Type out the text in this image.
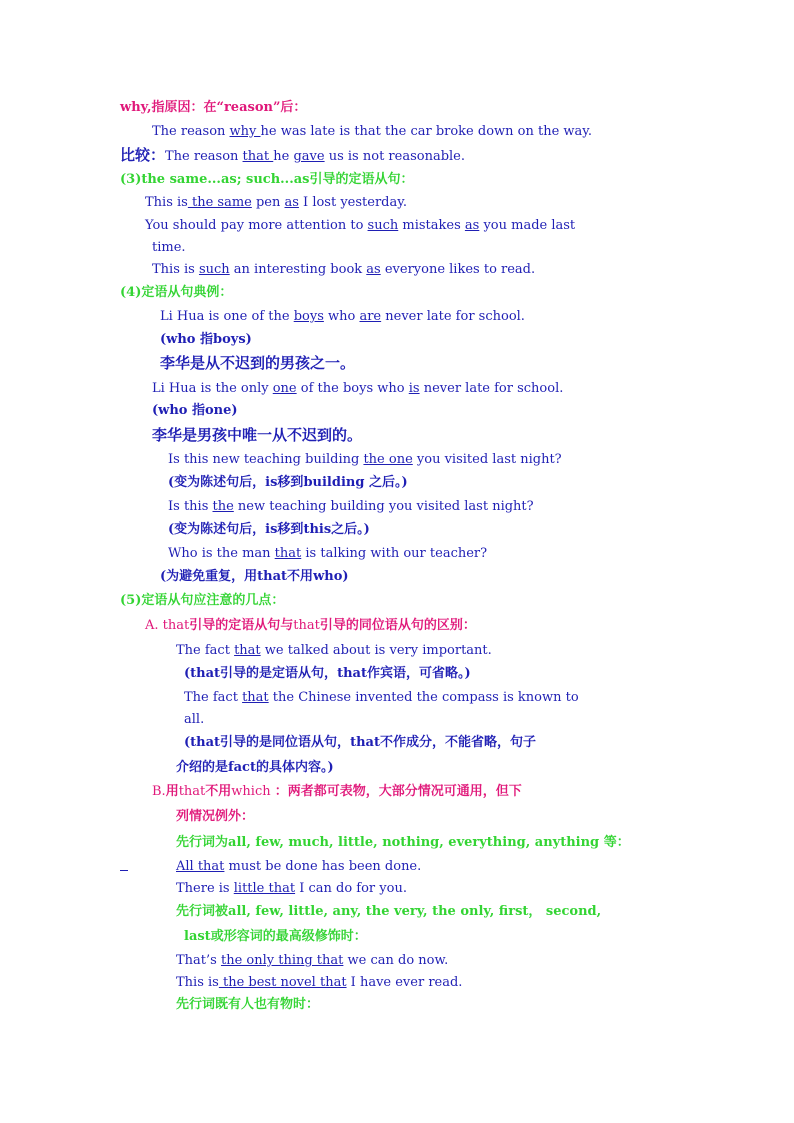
why,指原因：在“reason”后：
The reason why he was late is that the car broke down on the way.
比较：The reason that he gave us is not reasonable.
(3)the same...as; such...as引导的定语从句：
This is the same pen as I lost yesterday.
You should pay more attention to such mistakes as you made last
time.
This is such an interesting book as everyone likes to read.
(4)定语从句典例：
Li Hua is one of the boys who are never late for school.
(who 指boys)
李华是从不迟到的男孩之一。
Li Hua is the only one of the boys who is never late for school.
(who 指one)
李华是男孩中唯一从不迟到的。
Is this new teaching building the one you visited last night?
(变为陈述句后，is移到building 之后。)
Is this the new teaching building you visited last night?
(变为陈述句后，is移到this之后。)
Who is the man that is talking with our teacher?
(为避免重复，用that不用who)
(5)定语从句应注意的几点：
A. that引导的定语从句与that引导的同位语从句的区别：
The fact that we talked about is very important.
(that引导的是定语从句，that作宾语，可省略。)
The fact that the Chinese invented the compass is known to
all.
(that引导的是同位语从句，that不作成分，不能省略，句子
介绍的是fact的具体内容。)
B.用that不用which ：两者都可表物，大部分情况可通用，但下
列情况例外：
先行词为all, few, much, little, nothing, everything, anything 等：
All that must be done has been done.
There is little that I can do for you.
先行词被all, few, little, any, the very, the only, first， second,
last或形容词的最高级修饰时：
That’s the only thing that we can do now.
This is the best novel that I have ever read.
先行词既有人也有物时：
